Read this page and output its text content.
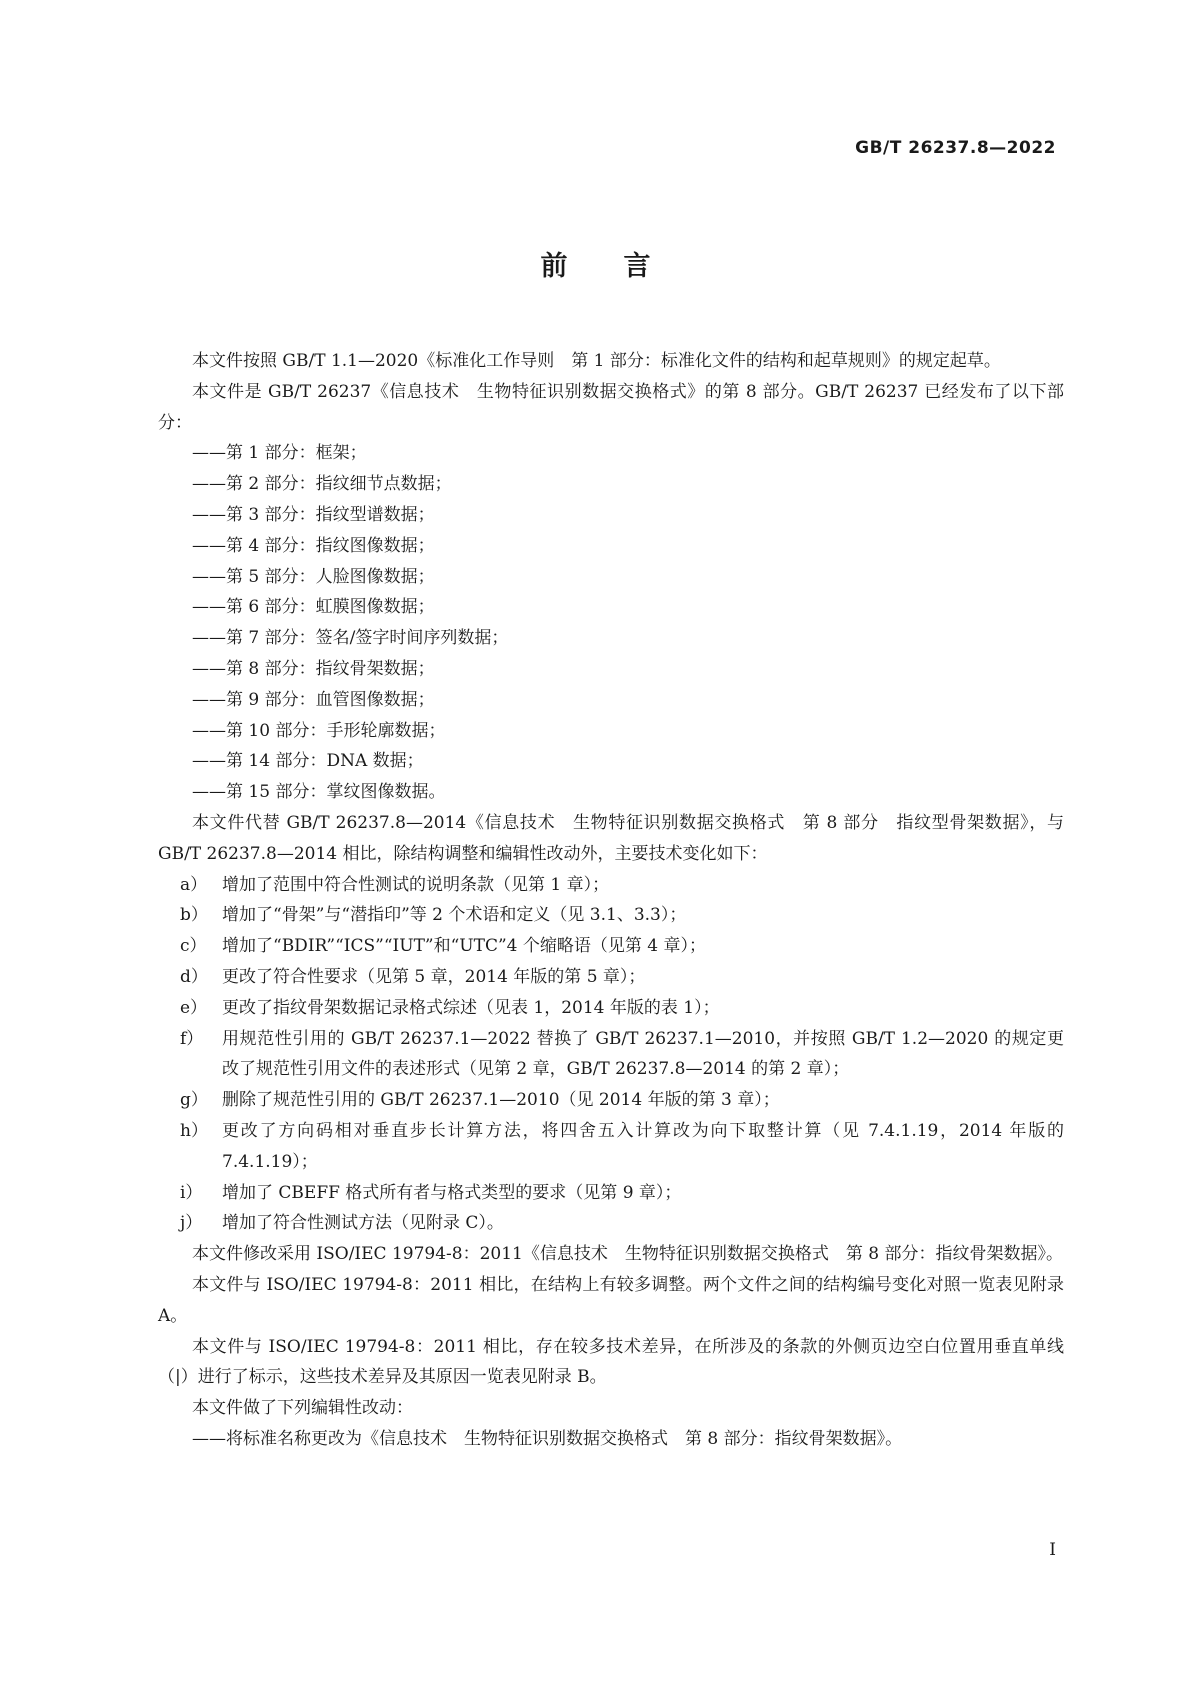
GB/T 26237.8—2022
前言

本文件按照 GB/T 1.1—2020《标准化工作导则　第 1 部分：标准化文件的结构和起草规则》的规定起草。

本文件是 GB/T 26237《信息技术　生物特征识别数据交换格式》的第 8 部分。GB/T 26237 已经发布了以下部分：

——第 1 部分：框架；

——第 2 部分：指纹细节点数据；

——第 3 部分：指纹型谱数据；

——第 4 部分：指纹图像数据；

——第 5 部分：人脸图像数据；

——第 6 部分：虹膜图像数据；

——第 7 部分：签名/签字时间序列数据；

——第 8 部分：指纹骨架数据；

——第 9 部分：血管图像数据；

——第 10 部分：手形轮廓数据；

——第 14 部分：DNA 数据；

——第 15 部分：掌纹图像数据。

本文件代替 GB/T 26237.8—2014《信息技术　生物特征识别数据交换格式　第 8 部分　指纹型骨架数据》，与 GB/T 26237.8—2014 相比，除结构调整和编辑性改动外，主要技术变化如下：

a） 增加了范围中符合性测试的说明条款（见第 1 章）；

b） 增加了“骨架”与“潜指印”等 2 个术语和定义（见 3.1、3.3）；

c） 增加了“BDIR”“ICS”“IUT”和“UTC”4 个缩略语（见第 4 章）；

d） 更改了符合性要求（见第 5 章，2014 年版的第 5 章）；

e） 更改了指纹骨架数据记录格式综述（见表 1，2014 年版的表 1）；

f） 用规范性引用的 GB/T 26237.1—2022 替换了 GB/T 26237.1—2010，并按照 GB/T 1.2—2020 的规定更改了规范性引用文件的表述形式（见第 2 章，GB/T 26237.8—2014 的第 2 章）；

g） 删除了规范性引用的 GB/T 26237.1—2010（见 2014 年版的第 3 章）；

h） 更改了方向码相对垂直步长计算方法，将四舍五入计算改为向下取整计算（见 7.4.1.19，2014 年版的 7.4.1.19）；

i） 增加了 CBEFF 格式所有者与格式类型的要求（见第 9 章）；

j） 增加了符合性测试方法（见附录 C）。

本文件修改采用 ISO/IEC 19794-8：2011《信息技术　生物特征识别数据交换格式　第 8 部分：指纹骨架数据》。

本文件与 ISO/IEC 19794-8：2011 相比，在结构上有较多调整。两个文件之间的结构编号变化对照一览表见附录 A。

本文件与 ISO/IEC 19794-8：2011 相比，存在较多技术差异，在所涉及的条款的外侧页边空白位置用垂直单线（|）进行了标示，这些技术差异及其原因一览表见附录 B。

本文件做了下列编辑性改动：

——将标准名称更改为《信息技术　生物特征识别数据交换格式　第 8 部分：指纹骨架数据》。

I
